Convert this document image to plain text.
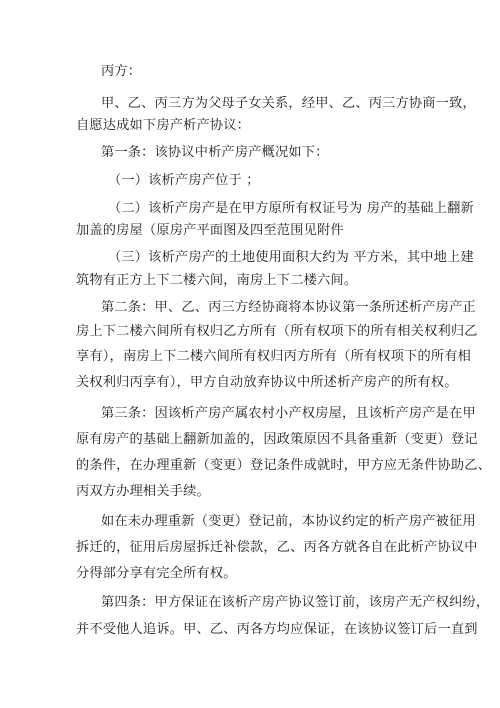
丙方：
甲、乙、丙三方为父母子女关系，经甲、乙、丙三方协商一致，
自愿达成如下房产析产协议：
第一条：该协议中析产房产概况如下：
（一）该析产房产位于 ；
（二）该析产房产是在甲方原所有权证号为 房产的基础上翻新
加盖的房屋（原房产平面图及四至范围见附件
（三）该析产房产的土地使用面积大约为 平方米，其中地上建
筑物有正方上下二楼六间，南房上下二楼六间。
第二条：甲、乙、丙三方经协商将本协议第一条所述析产房产正
房上下二楼六间所有权归乙方所有（所有权项下的所有相关权利归乙
享有），南房上下二楼六间所有权归丙方所有（所有权项下的所有相
关权利归丙享有），甲方自动放弃协议中所述析产房产的所有权。
第三条：因该析产房产属农村小产权房屋，且该析产房产是在甲
原有房产的基础上翻新加盖的，因政策原因不具备重新（变更）登记
的条件，在办理重新（变更）登记条件成就时，甲方应无条件协助乙、
丙双方办理相关手续。
如在未办理重新（变更）登记前，本协议约定的析产房产被征用
拆迁的，征用后房屋拆迁补偿款，乙、丙各方就各自在此析产协议中
分得部分享有完全所有权。
第四条：甲方保证在该析产房产协议签订前，该房产无产权纠纷，
并不受他人追诉。甲、乙、丙各方均应保证，在该协议签订后一直到
